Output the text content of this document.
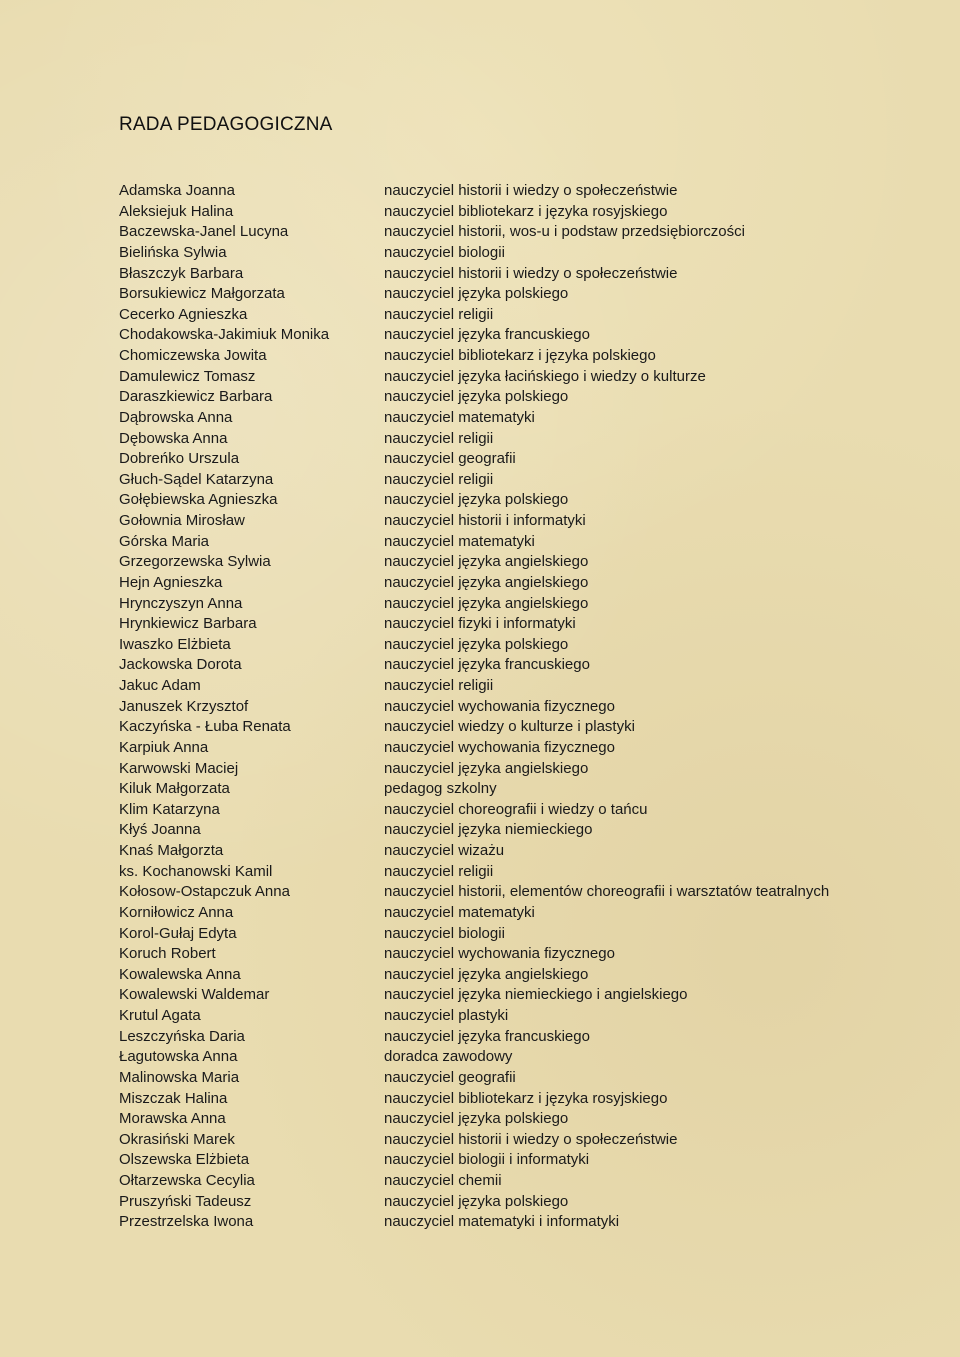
RADA PEDAGOGICZNA
Adamska Joanna	nauczyciel historii i wiedzy o społeczeństwie
Aleksiejuk Halina	nauczyciel bibliotekarz i języka rosyjskiego
Baczewska-Janel Lucyna	nauczyciel historii, wos-u i podstaw przedsiębiorczości
Bielińska Sylwia	nauczyciel biologii
Błaszczyk Barbara	nauczyciel historii i wiedzy o społeczeństwie
Borsukiewicz Małgorzata	nauczyciel języka polskiego
Cecerko Agnieszka	nauczyciel religii
Chodakowska-Jakimiuk Monika	nauczyciel języka francuskiego
Chomiczewska Jowita	nauczyciel bibliotekarz i języka polskiego
Damulewicz Tomasz	nauczyciel języka łacińskiego i wiedzy o kulturze
Daraszkiewicz Barbara	nauczyciel języka polskiego
Dąbrowska Anna	nauczyciel matematyki
Dębowska Anna	nauczyciel religii
Dobreńko Urszula	nauczyciel geografii
Głuch-Sądel Katarzyna	nauczyciel religii
Gołębiewska Agnieszka	nauczyciel języka polskiego
Gołownia Mirosław	nauczyciel historii i informatyki
Górska Maria	nauczyciel matematyki
Grzegorzewska Sylwia	nauczyciel języka angielskiego
Hejn Agnieszka	nauczyciel języka angielskiego
Hrynczyszyn Anna	nauczyciel języka angielskiego
Hrynkiewicz Barbara	nauczyciel fizyki i informatyki
Iwaszko Elżbieta	nauczyciel języka polskiego
Jackowska Dorota	nauczyciel języka francuskiego
Jakuc Adam	nauczyciel religii
Januszek Krzysztof	nauczyciel wychowania fizycznego
Kaczyńska - Łuba Renata	nauczyciel wiedzy o kulturze i plastyki
Karpiuk Anna	nauczyciel wychowania fizycznego
Karwowski Maciej	nauczyciel języka angielskiego
Kiluk Małgorzata	pedagog szkolny
Klim Katarzyna	nauczyciel choreografii i wiedzy o tańcu
Kłyś Joanna	nauczyciel języka niemieckiego
Knaś Małgorzta	nauczyciel wizażu
ks. Kochanowski Kamil	nauczyciel religii
Kołosow-Ostapczuk Anna	nauczyciel historii, elementów choreografii i warsztatów teatralnych
Korniłowicz Anna	nauczyciel matematyki
Korol-Gułaj Edyta	nauczyciel biologii
Koruch Robert	nauczyciel wychowania fizycznego
Kowalewska Anna	nauczyciel języka angielskiego
Kowalewski Waldemar	nauczyciel języka niemieckiego i angielskiego
Krutul Agata	nauczyciel plastyki
Leszczyńska Daria	nauczyciel języka francuskiego
Łagutowska Anna	doradca zawodowy
Malinowska Maria	nauczyciel geografii
Miszczak Halina	nauczyciel bibliotekarz i języka rosyjskiego
Morawska Anna	nauczyciel języka polskiego
Okrasiński Marek	nauczyciel historii i wiedzy o społeczeństwie
Olszewska Elżbieta	nauczyciel biologii i informatyki
Ołtarzewska Cecylia	nauczyciel chemii
Pruszyński Tadeusz	nauczyciel języka polskiego
Przestrzelska Iwona	nauczyciel matematyki i informatyki
